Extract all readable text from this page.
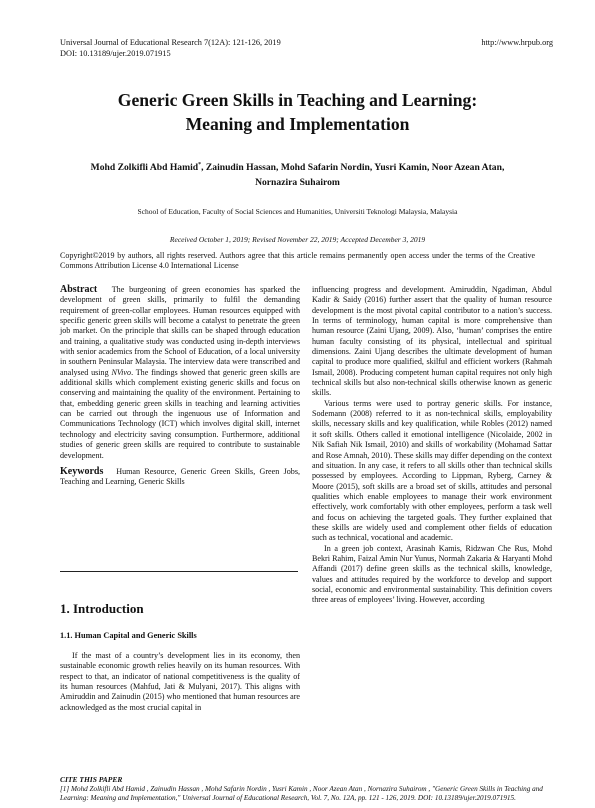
Universal Journal of Educational Research 7(12A): 121-126, 2019
DOI: 10.13189/ujer.2019.071915
http://www.hrpub.org
Generic Green Skills in Teaching and Learning:
Meaning and Implementation
Mohd Zolkifli Abd Hamid*, Zainudin Hassan, Mohd Safarin Nordin, Yusri Kamin, Noor Azean Atan,
Nornazira Suhairom
School of Education, Faculty of Social Sciences and Humanities, Universiti Teknologi Malaysia, Malaysia
Received October 1, 2019; Revised November 22, 2019; Accepted December 3, 2019
Copyright©2019 by authors, all rights reserved. Authors agree that this article remains permanently open access under the terms of the Creative Commons Attribution License 4.0 International License

Abstract The burgeoning of green economies has sparked the development of green skills, primarily to fulfil the demanding requirement of green-collar employees. Human resources equipped with specific generic green skills will become a catalyst to penetrate the green job market. On the principle that skills can be shaped through education and training, a qualitative study was conducted using in-depth interviews with senior academics from the School of Education, of a local university in southern Peninsular Malaysia. The interview data were transcribed and analysed using NVivo. The findings showed that generic green skills are additional skills which complement existing generic skills and focus on conserving and maintaining the quality of the environment. Pertaining to that, embedding generic green skills in teaching and learning activities can be carried out through the ingenuous use of Information and Communications Technology (ICT) which involves digital skill, internet technology and electricity saving consumption. Furthermore, additional studies of generic green skills are required to contribute to sustainable development.

Keywords Human Resource, Generic Green Skills, Green Jobs, Teaching and Learning, Generic Skills

1. Introduction
1.1. Human Capital and Generic Skills

If the mast of a country’s development lies in its economy, then sustainable economic growth relies heavily on its human resources. With respect to that, an indicator of national competitiveness is the quality of its human resources (Mahfud, Jati & Mulyani, 2017). This aligns with Amiruddin and Zainudin (2015) who mentioned that human resources are acknowledged as the most crucial capital in

influencing progress and development. Amiruddin, Ngadiman, Abdul Kadir & Saidy (2016) further assert that the quality of human resource development is the most pivotal capital contributor to a nation’s success. In terms of terminology, human capital is more comprehensive than human resource (Zaini Ujang, 2009). Also, ‘human’ comprises the entire human faculty consisting of its physical, intellectual and spiritual dimensions. Zaini Ujang describes the ultimate development of human capital to produce more qualified, skilful and efficient workers (Rahmah Ismail, 2008). Producing competent human capital requires not only high technical skills but also non-technical skills otherwise known as generic skills.

Various terms were used to portray generic skills. For instance, Sodemann (2008) referred to it as non-technical skills, employability skills, necessary skills and key qualification, while Robles (2012) named it soft skills. Others called it emotional intelligence (Nicolaide, 2002 in Nik Safiah Nik Ismail, 2010) and skills of workability (Mohamad Sattar and Rose Amnah, 2010). These skills may differ depending on the context and situation. In any case, it refers to all skills other than technical skills possessed by employees. According to Lippman, Ryberg, Carney & Moore (2015), soft skills are a broad set of skills, attitudes and personal qualities which enable employees to manage their work environment effectively, work comfortably with other employees, perform a task well and focus on achieving the targeted goals. They further explained that these skills are widely used and complement other fields of education such as technical, vocational and academic.

In a green job context, Arasinah Kamis, Ridzwan Che Rus, Mohd Bekri Rahim, Faizal Amin Nur Yunus, Normah Zakaria & Haryanti Mohd Affandi (2017) define green skills as the technical skills, knowledge, values and attitudes required by the workforce to develop and support social, economic and environmental sustainability. This definition covers three areas of employees’ living. However, according

CITE THIS PAPER
[1] Mohd Zolkifli Abd Hamid , Zainudin Hassan , Mohd Safarin Nordin , Yusri Kamin , Noor Azean Atan , Nornazira Suhairom , "Generic Green Skills in Teaching and Learning: Meaning and Implementation," Universal Journal of Educational Research, Vol. 7, No. 12A, pp. 121 - 126, 2019. DOI: 10.13189/ujer.2019.071915.
